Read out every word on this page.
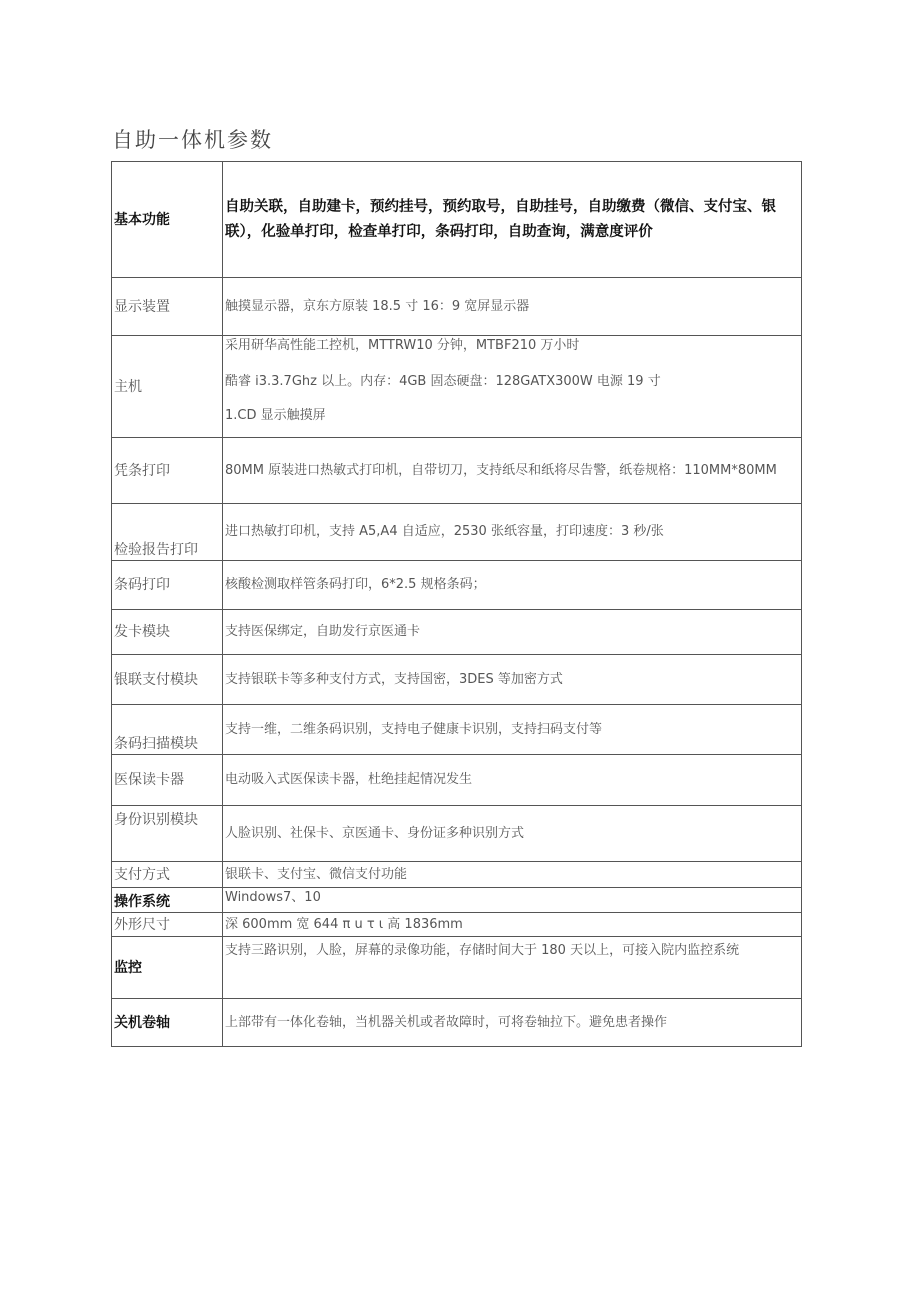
自助一体机参数
基本功能	自助关联，自助建卡，预约挂号，预约取号，自助挂号，自助缴费（微信、支付宝、银联），化验单打印，检查单打印，条码打印，自助查询，满意度评价
显示装置	触摸显示器，京东方原装 18.5 寸 16：9 宽屏显示器
主机	采用研华高性能工控机，MTTRW10 分钟，MTBF210 万小时
酷睿 i3.3.7Ghz 以上。内存：4GB 固态硬盘：128GATX300W 电源 19 寸
1.CD 显示触摸屏

凭条打印	80MM 原装进口热敏式打印机，自带切刀，支持纸尽和纸将尽告警，纸卷规格：110MM*80MM
检验报告打印	进口热敏打印机，支持 A5,A4 自适应，2530 张纸容量，打印速度：3 秒/张
条码打印	核酸检测取样管条码打印，6*2.5 规格条码；
发卡模块	支持医保绑定，自助发行京医通卡
银联支付模块	支持银联卡等多种支付方式，支持国密，3DES 等加密方式
条码扫描模块	支持一维，二维条码识别，支持电子健康卡识别，支持扫码支付等
医保读卡器	电动吸入式医保读卡器，杜绝挂起情况发生
身份识别模块	人脸识别、社保卡、京医通卡、身份证多种识别方式
支付方式	银联卡、支付宝、微信支付功能
操作系统	Windows7、10
外形尺寸	深 600mm 宽 644 π u τ ι 高 1836mm
监控	支持三路识别，人脸，屏幕的录像功能，存储时间大于 180 天以上，可接入院内监控系统
关机卷轴	上部带有一体化卷轴，当机器关机或者故障时，可将卷轴拉下。避免患者操作
